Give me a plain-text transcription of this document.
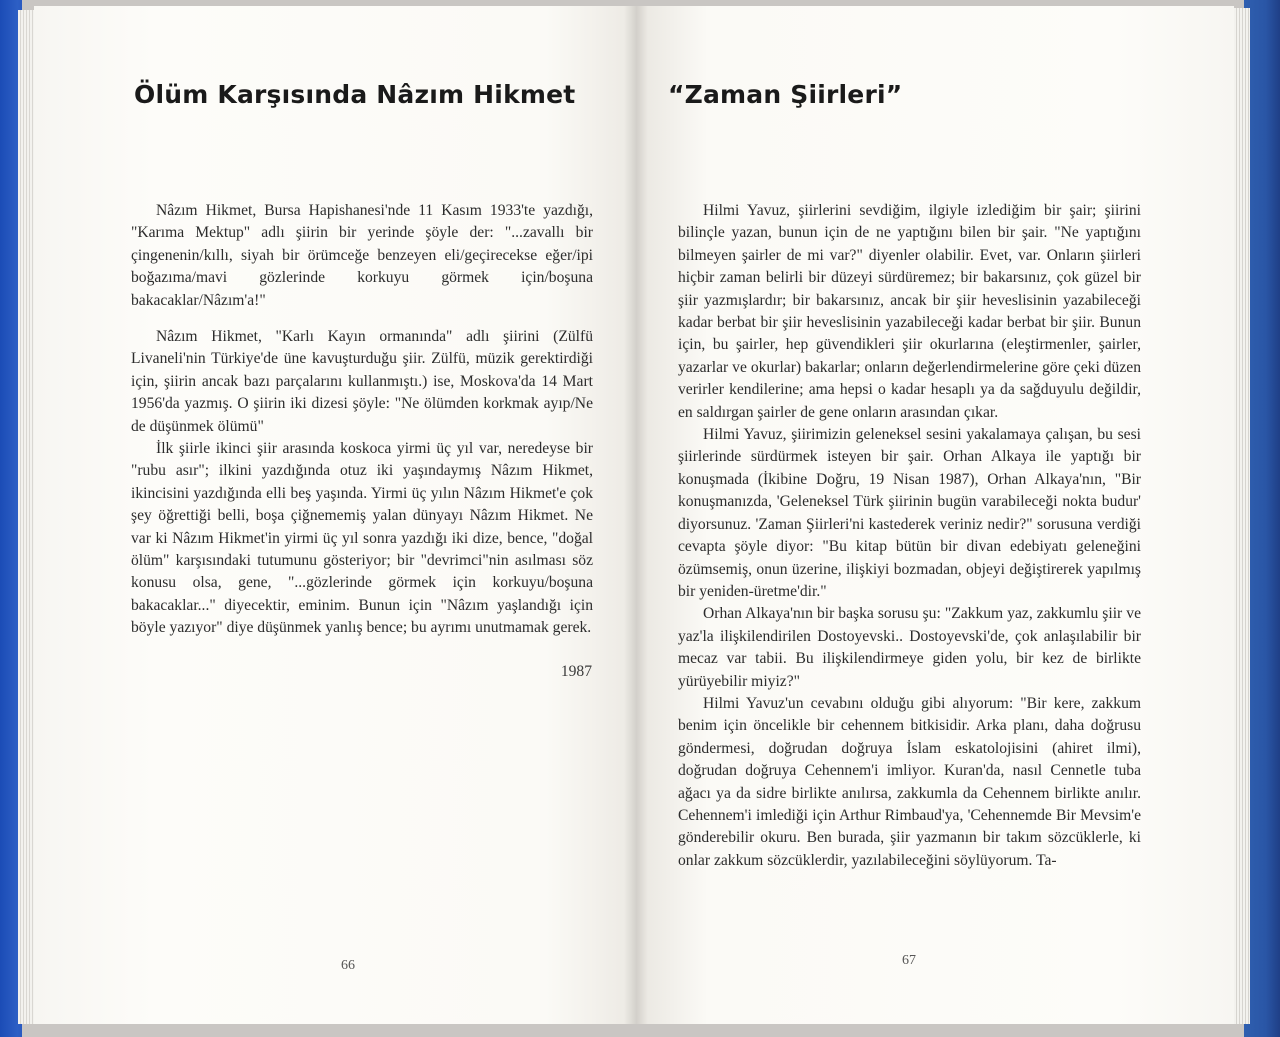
Ölüm Karşısında Nâzım Hikmet	“Zaman Şiirleri”

Nâzım Hikmet, Bursa Hapishanesi'nde 11 Kasım 1933'te yazdığı, "Karıma Mektup" adlı şiirin bir yerinde şöyle der: "...zavallı bir çingenenin/kıllı, siyah bir örümceğe benzeyen eli/geçirecekse eğer/ipi boğazıma/mavi gözlerinde korkuyu görmek için/boşuna bakacaklar/Nâzım'a!"

Nâzım Hikmet, "Karlı Kayın ormanında" adlı şiirini (Zülfü Livaneli'nin Türkiye'de üne kavuşturduğu şiir. Zülfü, müzik gerektirdiği için, şiirin ancak bazı parçalarını kullanmıştı.) ise, Moskova'da 14 Mart 1956'da yazmış. O şiirin iki dizesi şöyle: "Ne ölümden korkmak ayıp/Ne de düşünmek ölümü"

İlk şiirle ikinci şiir arasında koskoca yirmi üç yıl var, neredeyse bir "rubu asır"; ilkini yazdığında otuz iki yaşındaymış Nâzım Hikmet, ikincisini yazdığında elli beş yaşında. Yirmi üç yılın Nâzım Hikmet'e çok şey öğrettiği belli, boşa çiğnememiş yalan dünyayı Nâzım Hikmet. Ne var ki Nâzım Hikmet'in yirmi üç yıl sonra yazdığı iki dize, bence, "doğal ölüm" karşısındaki tutumunu gösteriyor; bir "devrimci"nin asılması söz konusu olsa, gene, "...gözlerinde görmek için korkuyu/boşuna bakacaklar..." diyecektir, eminim. Bunun için "Nâzım yaşlandığı için böyle yazıyor" diye düşünmek yanlış bence; bu ayrımı unutmamak gerek.

1987
66

Hilmi Yavuz, şiirlerini sevdiğim, ilgiyle izlediğim bir şair; şiirini bilinçle yazan, bunun için de ne yaptığını bilen bir şair. "Ne yaptığını bilmeyen şairler de mi var?" diyenler olabilir. Evet, var. Onların şiirleri hiçbir zaman belirli bir düzeyi sürdüremez; bir bakarsınız, çok güzel bir şiir yazmışlardır; bir bakarsınız, ancak bir şiir heveslisinin yazabileceği kadar berbat bir şiir heveslisinin yazabileceği kadar berbat bir şiir. Bunun için, bu şairler, hep güvendikleri şiir okurlarına (eleştirmenler, şairler, yazarlar ve okurlar) bakarlar; onların değerlendirmelerine göre çeki düzen verirler kendilerine; ama hepsi o kadar hesaplı ya da sağduyulu değildir, en saldırgan şairler de gene onların arasından çıkar.

Hilmi Yavuz, şiirimizin geleneksel sesini yakalamaya çalışan, bu sesi şiirlerinde sürdürmek isteyen bir şair. Orhan Alkaya ile yaptığı bir konuşmada (İkibine Doğru, 19 Nisan 1987), Orhan Alkaya'nın, "Bir konuşmanızda, 'Geleneksel Türk şiirinin bugün varabileceği nokta budur' diyorsunuz. 'Zaman Şiirleri'ni kastederek veriniz nedir?" sorusuna verdiği cevapta şöyle diyor: "Bu kitap bütün bir divan edebiyatı geleneğini özümsemiş, onun üzerine, ilişkiyi bozmadan, objeyi değiştirerek yapılmış bir yeniden-üretme'dir."

Orhan Alkaya'nın bir başka sorusu şu: "Zakkum yaz, zakkumlu şiir ve yaz'la ilişkilendirilen Dostoyevski.. Dostoyevski'de, çok anlaşılabilir bir mecaz var tabii. Bu ilişkilendirmeye giden yolu, bir kez de birlikte yürüyebilir miyiz?"

Hilmi Yavuz'un cevabını olduğu gibi alıyorum: "Bir kere, zakkum benim için öncelikle bir cehennem bitkisidir. Arka planı, daha doğrusu göndermesi, doğrudan doğruya İslam eskatolojisini (ahiret ilmi), doğrudan doğruya Cehennem'i imliyor. Kuran'da, nasıl Cennetle tuba ağacı ya da sidre birlikte anılırsa, zakkumla da Cehennem birlikte anılır. Cehennem'i imlediği için Arthur Rimbaud'ya, 'Cehennemde Bir Mevsim'e gönderebilir okuru. Ben burada, şiir yazmanın bir takım sözcüklerle, ki onlar zakkum sözcüklerdir, yazılabileceğini söylüyorum. Ta-

67
